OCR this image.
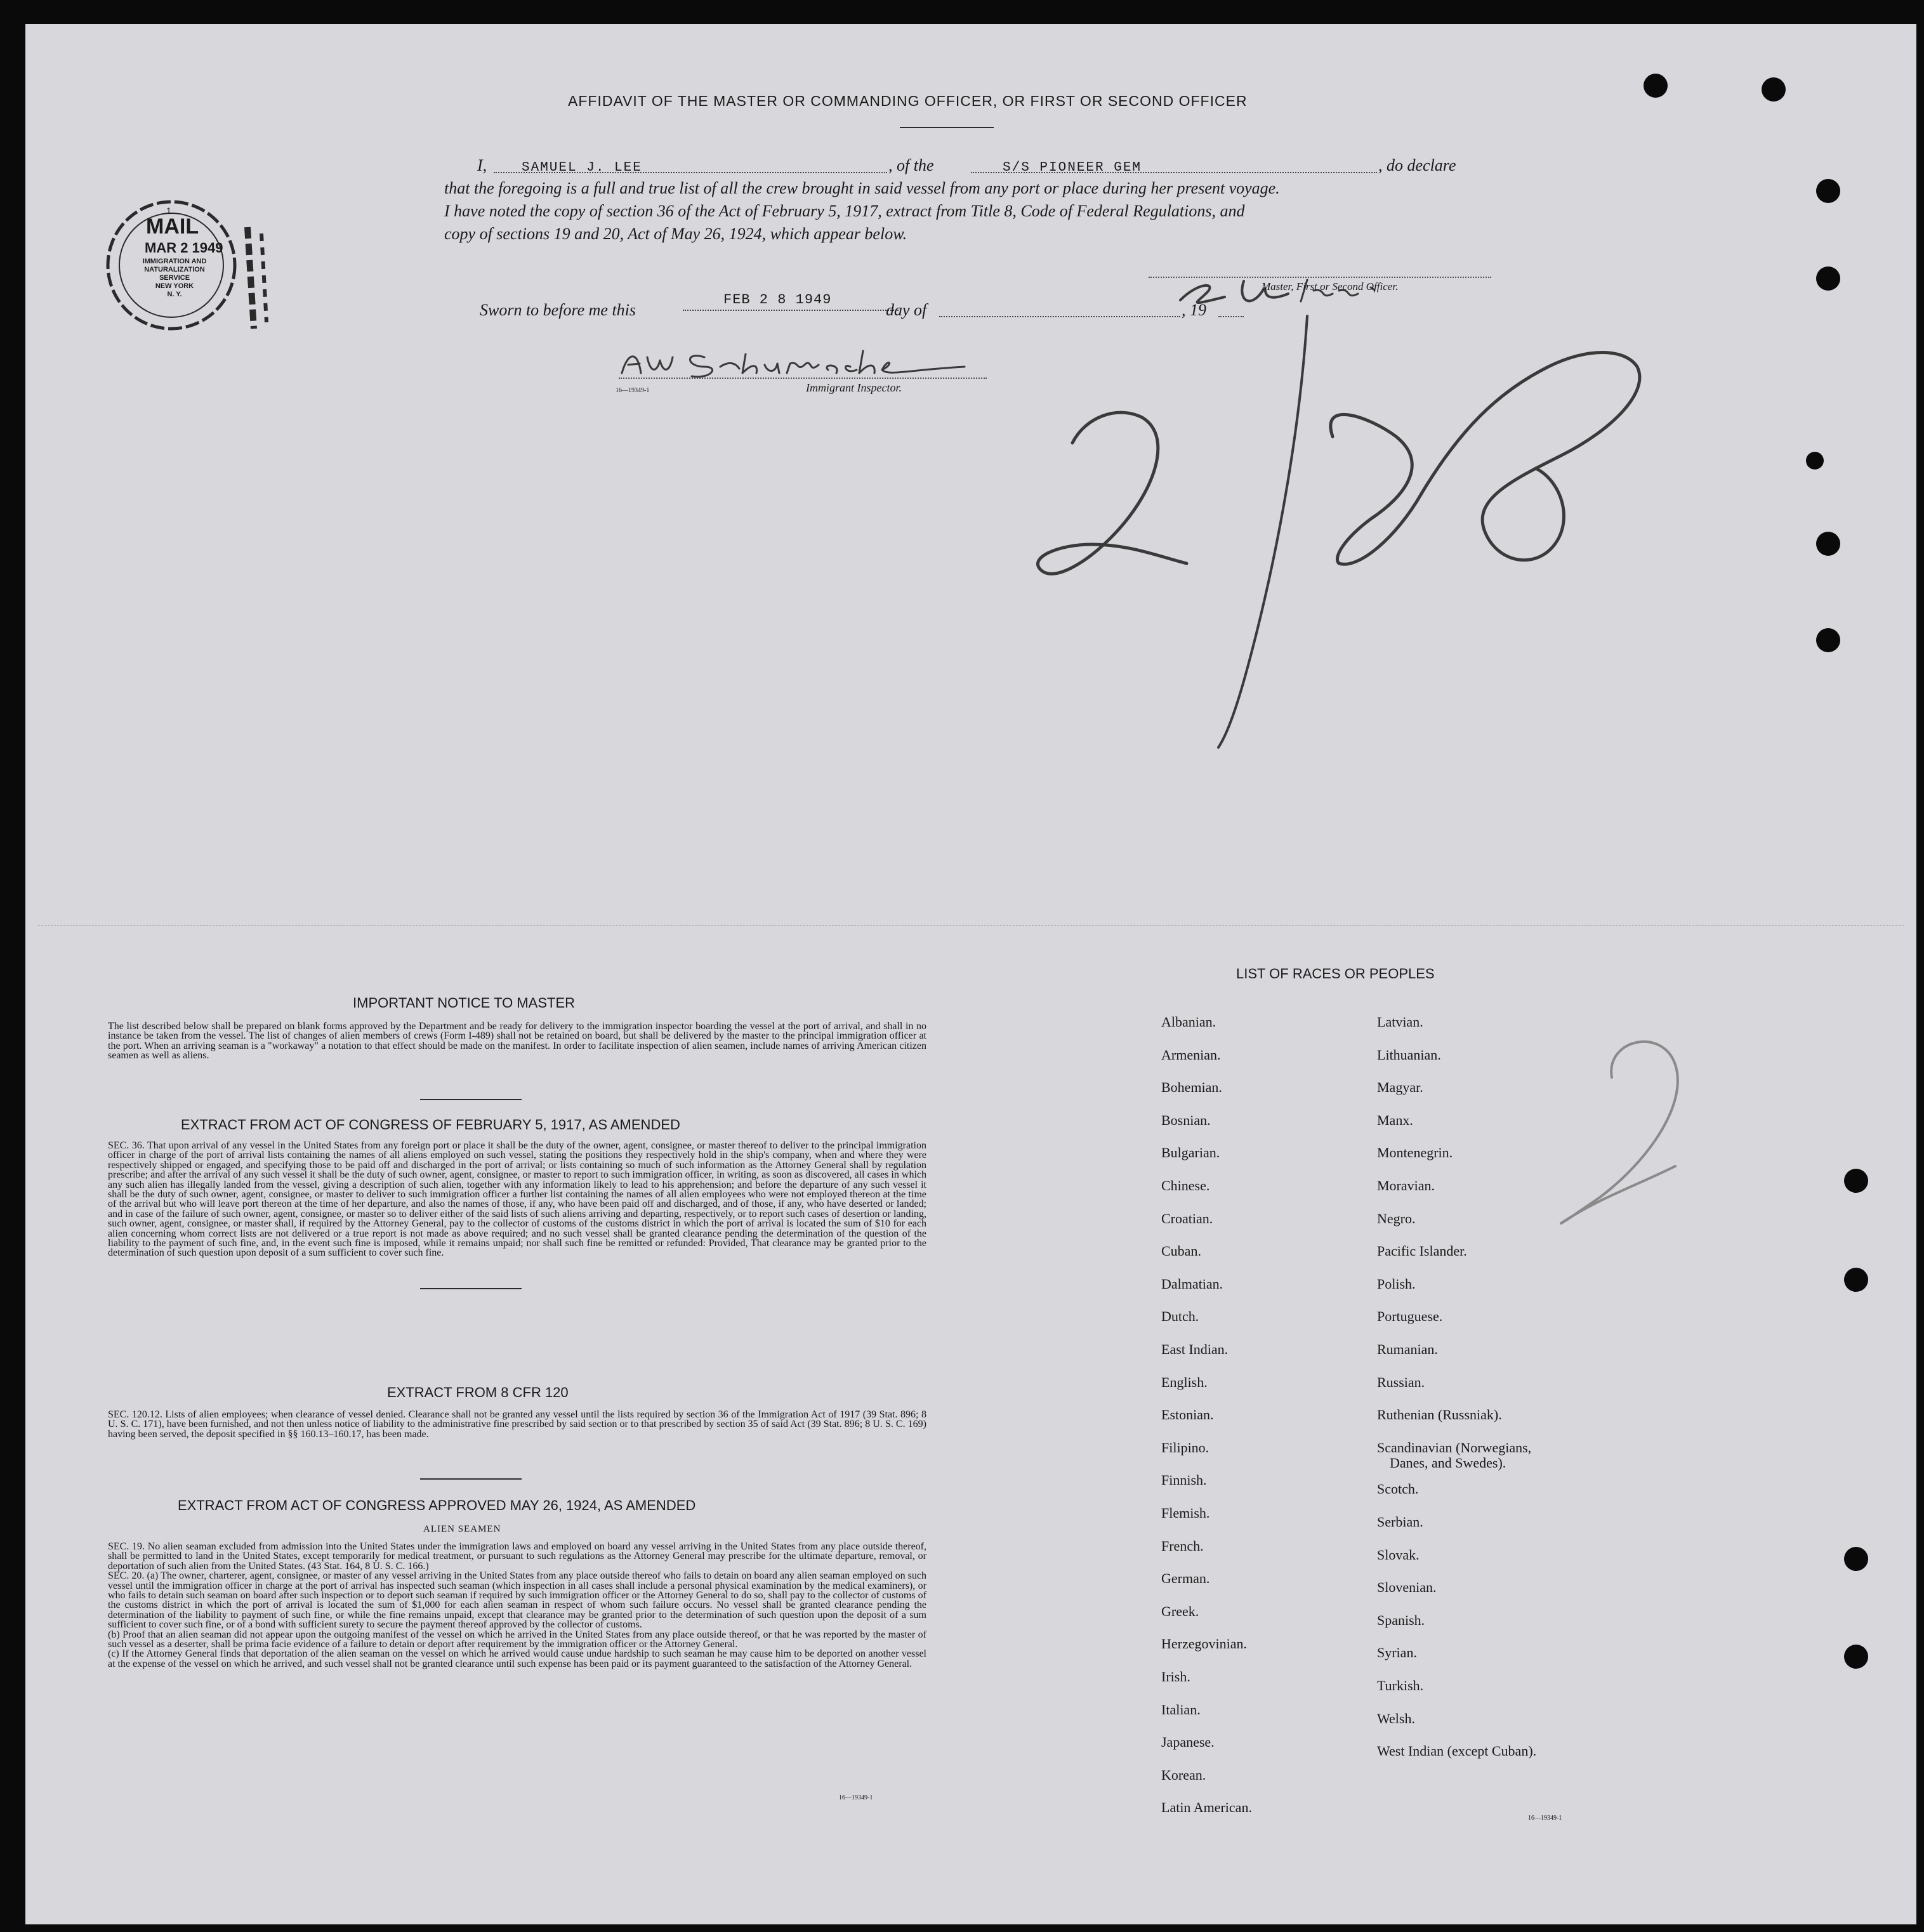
AFFIDAVIT OF THE MASTER OR COMMANDING OFFICER, OR FIRST OR SECOND OFFICER
I,	SAMUEL J. LEE	, of the	S/S PIONEER GEM	, do declare
that the foregoing is a full and true list of all the crew brought in said vessel from any port or place during her present voyage.
I have noted the copy of section 36 of the Act of February 5, 1917, extract from Title 8, Code of Federal Regulations, and
copy of sections 19 and 20, Act of May 26, 1924, which appear below.
Master, First or Second Officer.
Sworn to before me this
FEB 2 8 1949
day of	, 19
16—19349-1	Immigrant Inspector.
1
MAIL
MAR 2 1949
IMMIGRATION AND
NATURALIZATION
SERVICE
NEW YORK
N. Y.
IMPORTANT NOTICE TO MASTER
The list described below shall be prepared on blank forms approved by the Department and be ready for delivery to the immigration inspector boarding the vessel at the port of arrival, and shall in no instance be taken from the vessel. The list of changes of alien members of crews (Form I-489) shall not be retained on board, but shall be delivered by the master to the principal immigration officer at the port. When an arriving seaman is a "workaway" a notation to that effect should be made on the manifest. In order to facilitate inspection of alien seamen, include names of arriving American citizen seamen as well as aliens.
EXTRACT FROM ACT OF CONGRESS OF FEBRUARY 5, 1917, AS AMENDED
SEC. 36. That upon arrival of any vessel in the United States from any foreign port or place it shall be the duty of the owner, agent, consignee, or master thereof to deliver to the principal immigration officer in charge of the port of arrival lists containing the names of all aliens employed on such vessel, stating the positions they respectively hold in the ship's company, when and where they were respectively shipped or engaged, and specifying those to be paid off and discharged in the port of arrival; or lists containing so much of such information as the Attorney General shall by regulation prescribe; and after the arrival of any such vessel it shall be the duty of such owner, agent, consignee, or master to report to such immigration officer, in writing, as soon as discovered, all cases in which any such alien has illegally landed from the vessel, giving a description of such alien, together with any information likely to lead to his apprehension; and before the departure of any such vessel it shall be the duty of such owner, agent, consignee, or master to deliver to such immigration officer a further list containing the names of all alien employees who were not employed thereon at the time of the arrival but who will leave port thereon at the time of her departure, and also the names of those, if any, who have been paid off and discharged, and of those, if any, who have deserted or landed; and in case of the failure of such owner, agent, consignee, or master so to deliver either of the said lists of such aliens arriving and departing, respectively, or to report such cases of desertion or landing, such owner, agent, consignee, or master shall, if required by the Attorney General, pay to the collector of customs of the customs district in which the port of arrival is located the sum of $10 for each alien concerning whom correct lists are not delivered or a true report is not made as above required; and no such vessel shall be granted clearance pending the determination of the question of the liability to the payment of such fine, and, in the event such fine is imposed, while it remains unpaid; nor shall such fine be remitted or refunded: Provided, That clearance may be granted prior to the determination of such question upon deposit of a sum sufficient to cover such fine.
EXTRACT FROM 8 CFR 120
SEC. 120.12. Lists of alien employees; when clearance of vessel denied. Clearance shall not be granted any vessel until the lists required by section 36 of the Immigration Act of 1917 (39 Stat. 896; 8 U. S. C. 171), have been furnished, and not then unless notice of liability to the administrative fine prescribed by said section or to that prescribed by section 35 of said Act (39 Stat. 896; 8 U. S. C. 169) having been served, the deposit specified in §§ 160.13–160.17, has been made.
EXTRACT FROM ACT OF CONGRESS APPROVED MAY 26, 1924, AS AMENDED
ALIEN SEAMEN
SEC. 19. No alien seaman excluded from admission into the United States under the immigration laws and employed on board any vessel arriving in the United States from any place outside thereof, shall be permitted to land in the United States, except temporarily for medical treatment, or pursuant to such regulations as the Attorney General may prescribe for the ultimate departure, removal, or deportation of such alien from the United States. (43 Stat. 164, 8 U. S. C. 166.)
SEC. 20. (a) The owner, charterer, agent, consignee, or master of any vessel arriving in the United States from any place outside thereof who fails to detain on board any alien seaman employed on such vessel until the immigration officer in charge at the port of arrival has inspected such seaman (which inspection in all cases shall include a personal physical examination by the medical examiners), or who fails to detain such seaman on board after such inspection or to deport such seaman if required by such immigration officer or the Attorney General to do so, shall pay to the collector of customs of the customs district in which the port of arrival is located the sum of $1,000 for each alien seaman in respect of whom such failure occurs. No vessel shall be granted clearance pending the determination of the liability to payment of such fine, or while the fine remains unpaid, except that clearance may be granted prior to the determination of such question upon the deposit of a sum sufficient to cover such fine, or of a bond with sufficient surety to secure the payment thereof approved by the collector of customs.
(b) Proof that an alien seaman did not appear upon the outgoing manifest of the vessel on which he arrived in the United States from any place outside thereof, or that he was reported by the master of such vessel as a deserter, shall be prima facie evidence of a failure to detain or deport after requirement by the immigration officer or the Attorney General.
(c) If the Attorney General finds that deportation of the alien seaman on the vessel on which he arrived would cause undue hardship to such seaman he may cause him to be deported on another vessel at the expense of the vessel on which he arrived, and such vessel shall not be granted clearance until such expense has been paid or its payment guaranteed to the satisfaction of the Attorney General.
16—19349-1
LIST OF RACES OR PEOPLES
Albanian.
Armenian.
Bohemian.
Bosnian.
Bulgarian.
Chinese.
Croatian.
Cuban.
Dalmatian.
Dutch.
East Indian.
English.
Estonian.
Filipino.
Finnish.
Flemish.
French.
German.
Greek.
Herzegovinian.
Irish.
Italian.
Japanese.
Korean.
Latin American.
Latvian.
Lithuanian.
Magyar.
Manx.
Montenegrin.
Moravian.
Negro.
Pacific Islander.
Polish.
Portuguese.
Rumanian.
Russian.
Ruthenian (Russniak).
Scandinavian (Norwegians,
Danes, and Swedes).
Scotch.
Serbian.
Slovak.
Slovenian.
Spanish.
Syrian.
Turkish.
Welsh.
West Indian (except Cuban).
16—19349-1
